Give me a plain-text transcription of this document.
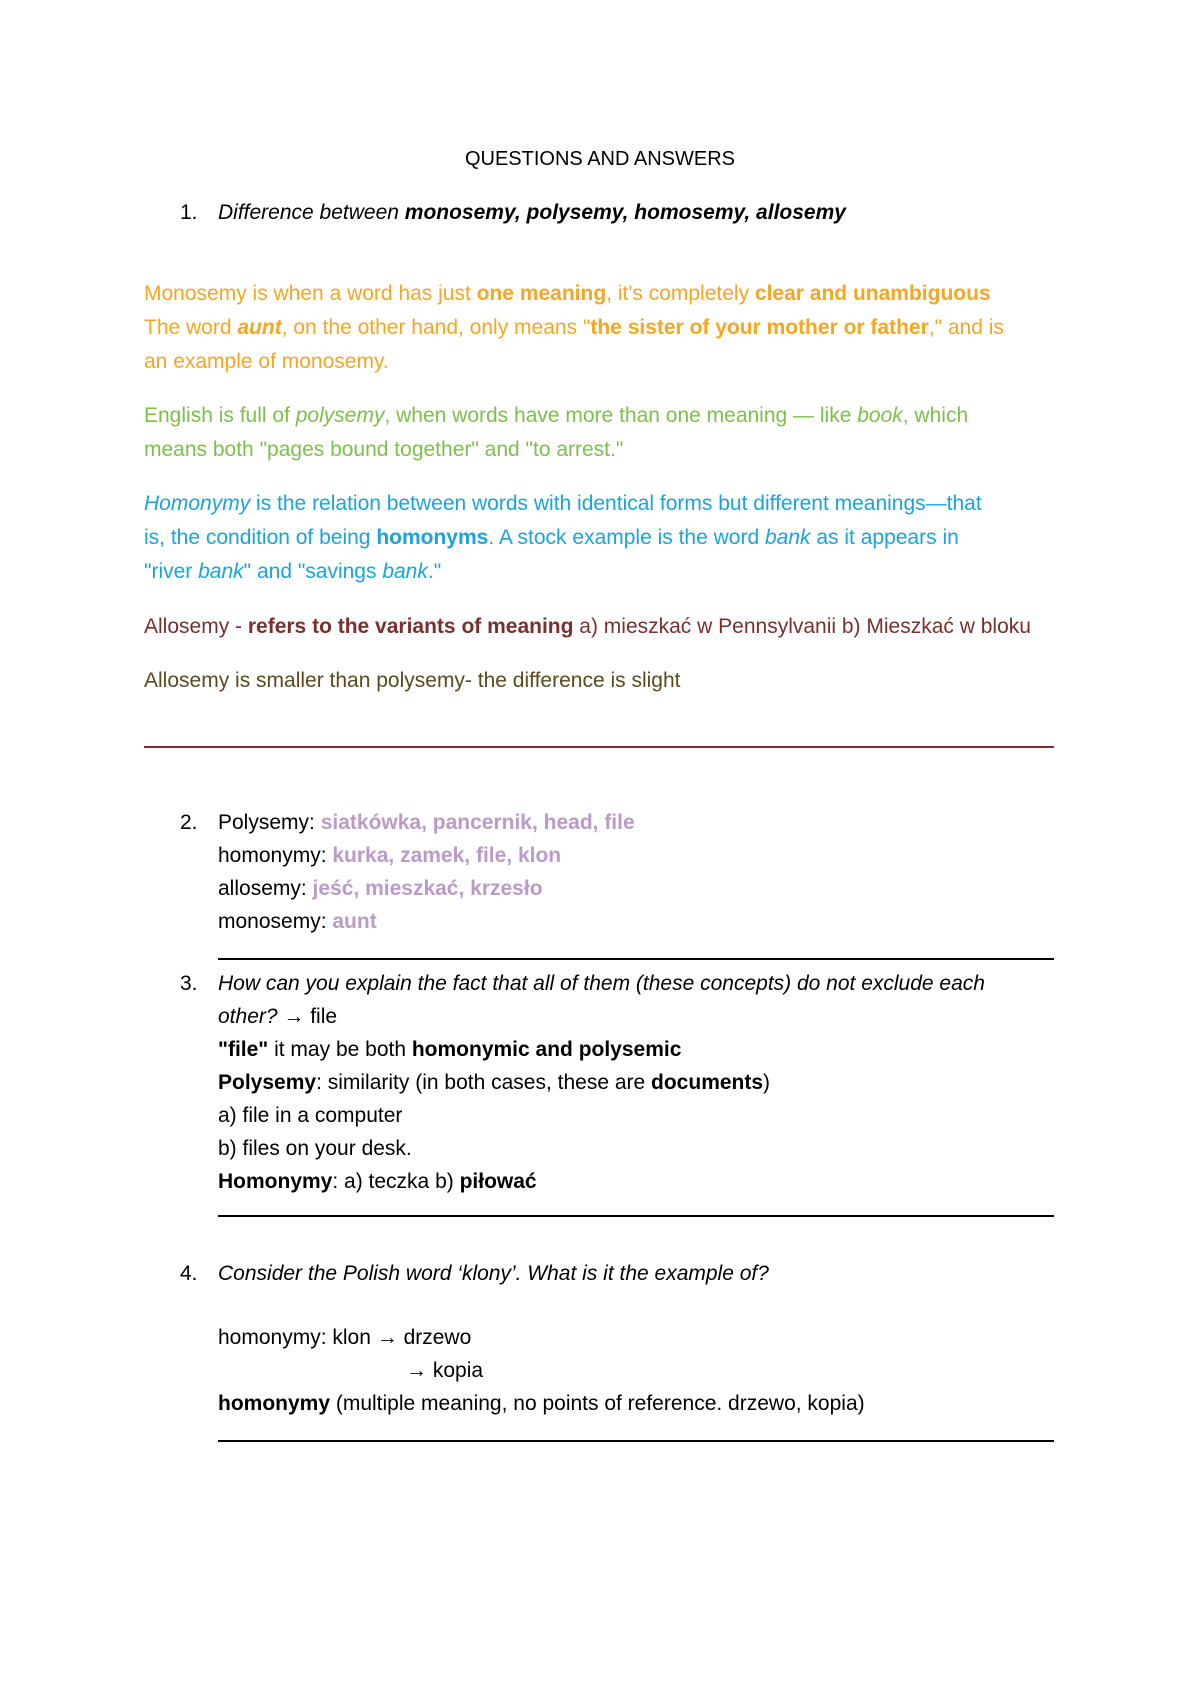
QUESTIONS AND ANSWERS
1. Difference between monosemy, polysemy, homosemy, allosemy
Monosemy is when a word has just one meaning, it's completely clear and unambiguous
The word aunt, on the other hand, only means "the sister of your mother or father," and is
an example of monosemy.
English is full of polysemy, when words have more than one meaning — like book, which
means both "pages bound together" and "to arrest."
Homonymy is the relation between words with identical forms but different meanings—that
is, the condition of being homonyms. A stock example is the word bank as it appears in
"river bank" and "savings bank."
Allosemy - refers to the variants of meaning a) mieszkać w Pennsylvanii b) Mieszkać w bloku
Allosemy is smaller than polysemy- the difference is slight
2. Polysemy: siatkówka, pancernik, head, file
homonymy: kurka, zamek, file, klon
allosemy: jeść, mieszkać, krzesło
monosemy: aunt
3. How can you explain the fact that all of them (these concepts) do not exclude each
other? → file
"file" it may be both homonymic and polysemic
Polysemy: similarity (in both cases, these are documents)
a) file in a computer
b) files on your desk.
Homonymy: a) teczka b) piłować
4. Consider the Polish word ‘klony’. What is it the example of?
homonymy: klon → drzewo
→ kopia
homonymy (multiple meaning, no points of reference. drzewo, kopia)
